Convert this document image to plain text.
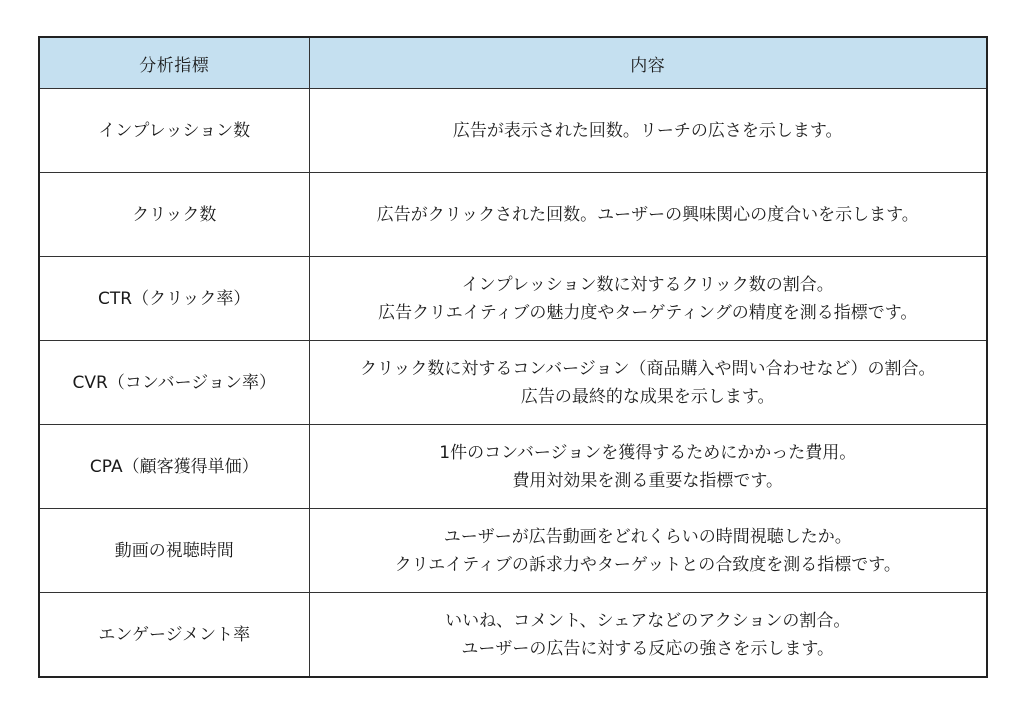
分析指標	内容
インプレッション数	広告が表示された回数。リーチの広さを示します。

クリック数	広告がクリックされた回数。ユーザーの興味関心の度合いを示します。

CTR（クリック率）	インプレッション数に対するクリック数の割合。
広告クリエイティブの魅力度やターゲティングの精度を測る指標です。

CVR（コンバージョン率）	クリック数に対するコンバージョン（商品購入や問い合わせなど）の割合。
広告の最終的な成果を示します。

CPA（顧客獲得単価）	1件のコンバージョンを獲得するためにかかった費用。
費用対効果を測る重要な指標です。

動画の視聴時間	ユーザーが広告動画をどれくらいの時間視聴したか。
クリエイティブの訴求力やターゲットとの合致度を測る指標です。

エンゲージメント率	いいね、コメント、シェアなどのアクションの割合。
ユーザーの広告に対する反応の強さを示します。
